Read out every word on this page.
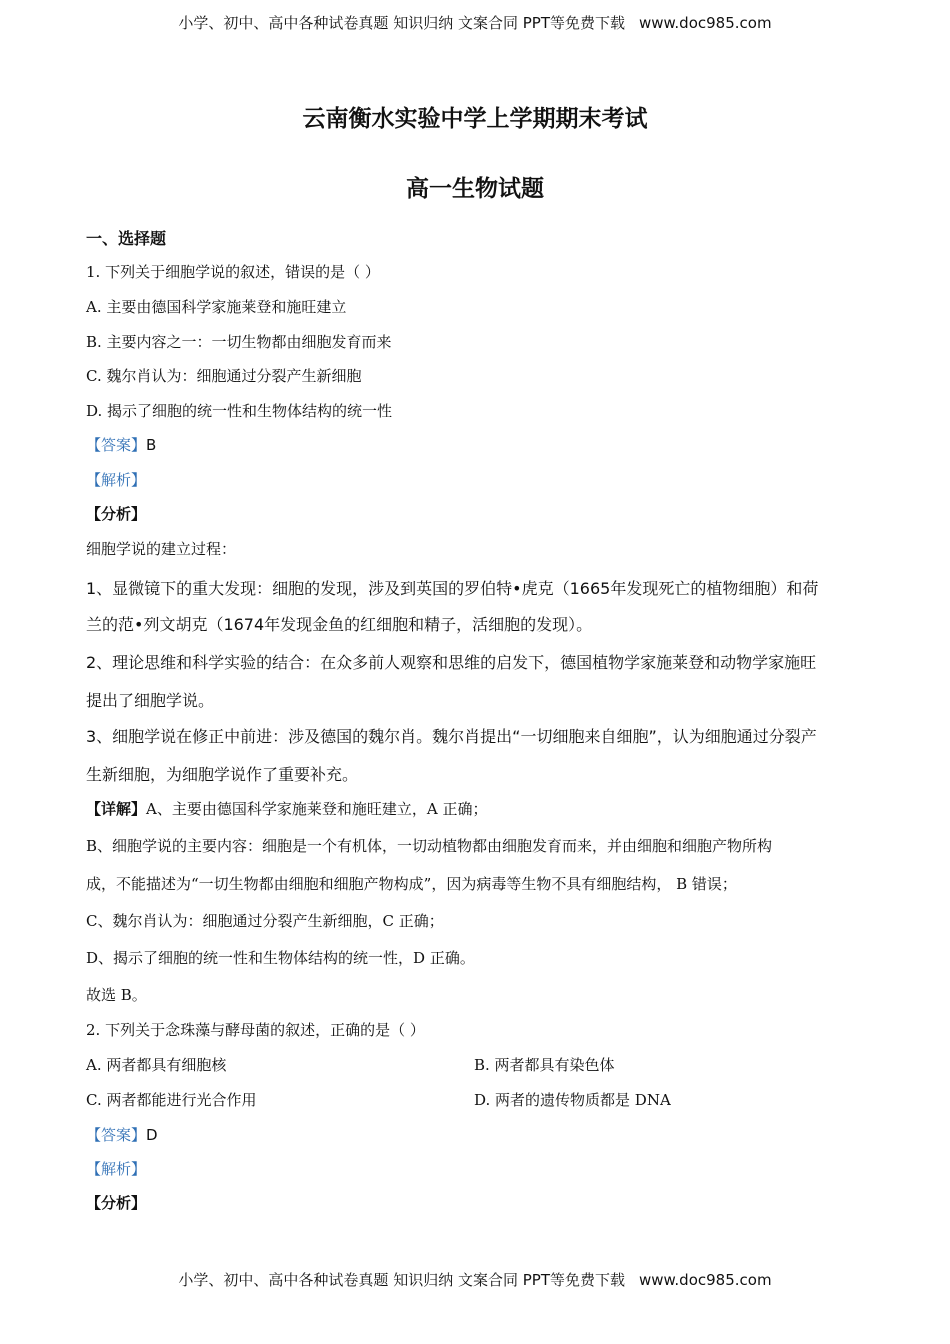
小学、初中、高中各种试卷真题 知识归纳 文案合同 PPT等免费下载 www.doc985.com
云南衡水实验中学上学期期末考试
高一生物试题
一、选择题
1. 下列关于细胞学说的叙述，错误的是（ ）
A. 主要由德国科学家施莱登和施旺建立
B. 主要内容之一：一切生物都由细胞发育而来
C. 魏尔肖认为：细胞通过分裂产生新细胞
D. 揭示了细胞的统一性和生物体结构的统一性
【答案】B
【解析】
【分析】
细胞学说的建立过程：
1、显微镜下的重大发现：细胞的发现，涉及到英国的罗伯特•虎克（1665年发现死亡的植物细胞）和荷
兰的范•列文胡克（1674年发现金鱼的红细胞和精子，活细胞的发现）。
2、理论思维和科学实验的结合：在众多前人观察和思维的启发下，德国植物学家施莱登和动物学家施旺
提出了细胞学说。
3、细胞学说在修正中前进：涉及德国的魏尔肖。魏尔肖提出“一切细胞来自细胞”，认为细胞通过分裂产
生新细胞，为细胞学说作了重要补充。
【详解】A、主要由德国科学家施莱登和施旺建立，A 正确；
B、细胞学说的主要内容：细胞是一个有机体，一切动植物都由细胞发育而来，并由细胞和细胞产物所构
成，不能描述为“一切生物都由细胞和细胞产物构成”，因为病毒等生物不具有细胞结构， B 错误；
C、魏尔肖认为：细胞通过分裂产生新细胞，C 正确；
D、揭示了细胞的统一性和生物体结构的统一性，D 正确。
故选 B。
2. 下列关于念珠藻与酵母菌的叙述，正确的是（ ）
A. 两者都具有细胞核	B. 两者都具有染色体
C. 两者都能进行光合作用	D. 两者的遗传物质都是 DNA
【答案】D
【解析】
【分析】
小学、初中、高中各种试卷真题 知识归纳 文案合同 PPT等免费下载 www.doc985.com
